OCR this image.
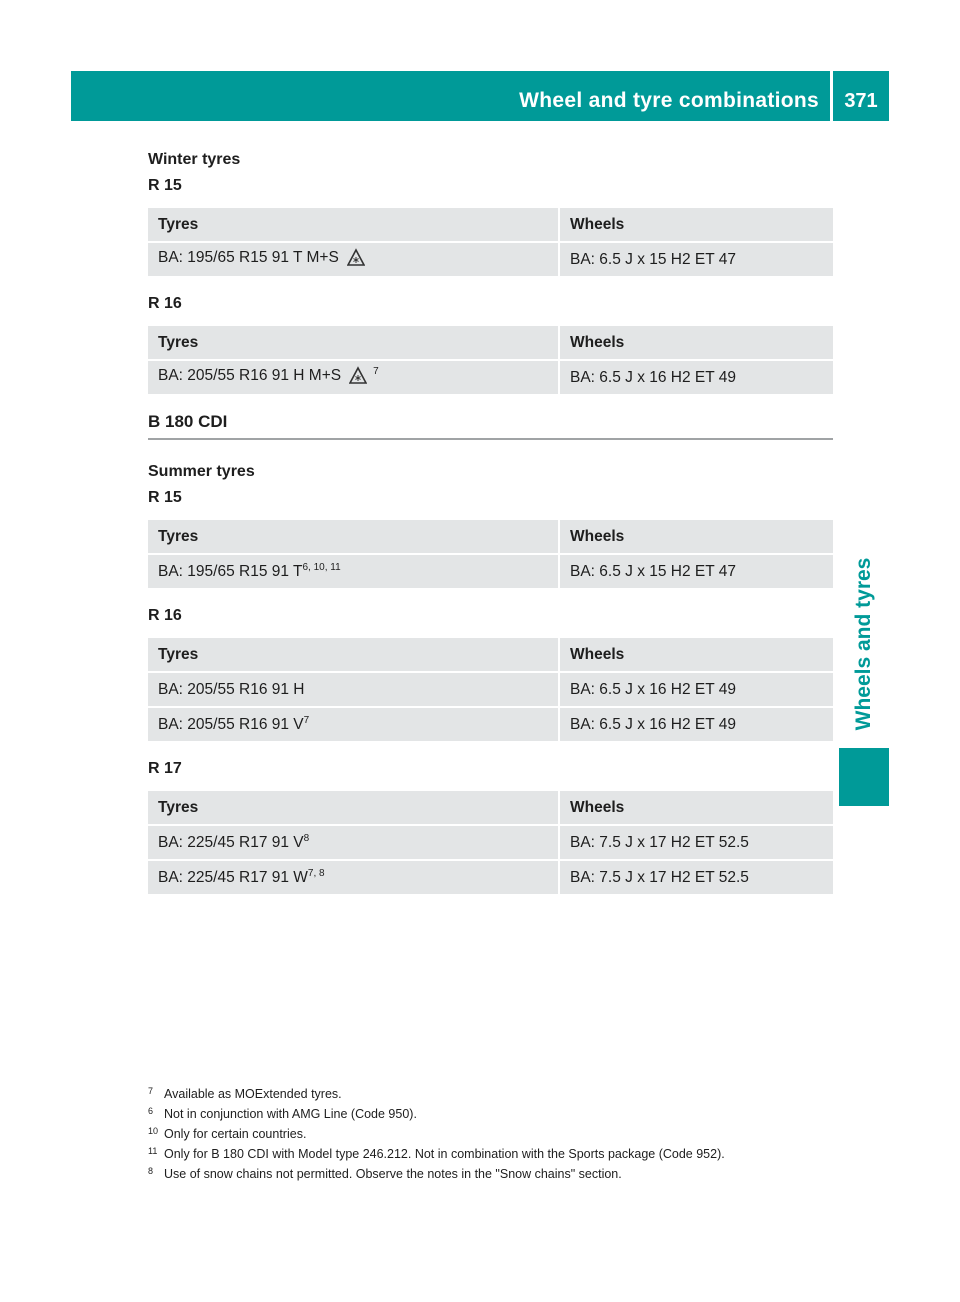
Wheel and tyre combinations	371
Wheels and tyres

Winter tyres

R 15

Tyres	Wheels
BA: 195/65 R15 91 T M+S	BA: 6.5 J x 15 H2 ET 47

R 16

Tyres	Wheels
BA: 205/55 R16 91 H M+S $^7$	BA: 6.5 J x 16 H2 ET 49

B 180 CDI

Summer tyres

R 15

Tyres	Wheels
BA: 195/65 R15 91 T$^{6, 10, 11}$	BA: 6.5 J x 15 H2 ET 47

R 16

Tyres	Wheels
BA: 205/55 R16 91 H	BA: 6.5 J x 16 H2 ET 49
BA: 205/55 R16 91 $V^7$	BA: 6.5 J x 16 H2 ET 49

R 17

Tyres	Wheels
BA: 225/45 R17 91 $V^8$	BA: 7.5 J x 17 H2 ET 52.5
BA: 225/45 R17 91 W$^{7, 8}$	BA: 7.5 J x 17 H2 ET 52.5
7 Available as MOExtended tyres.
6 Not in conjunction with AMG Line (Code 950).
10 Only for certain countries.
11 Only for B 180 CDI with Model type 246.212. Not in combination with the Sports package (Code 952).
8 Use of snow chains not permitted. Observe the notes in the "Snow chains" section.
